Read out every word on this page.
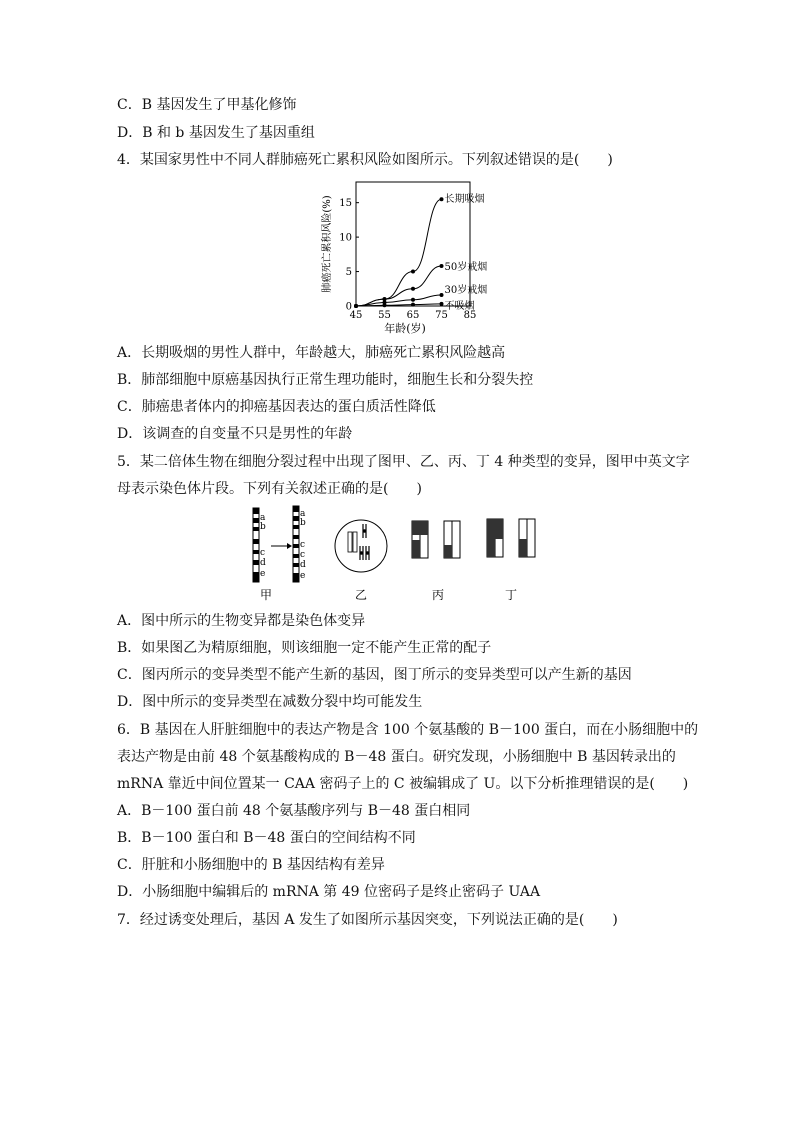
C．B 基因发生了甲基化修饰
D．B 和 b 基因发生了基因重组
4．某国家男性中不同人群肺癌死亡累积风险如图所示。下列叙述错误的是(　　)
0
5
10
15
45 55 65 75 85
年龄(岁)
肺癌死亡累积风险(%)	长期吸烟
50岁戒烟
30岁戒烟
不吸烟
A．长期吸烟的男性人群中，年龄越大，肺癌死亡累积风险越高
B．肺部细胞中原癌基因执行正常生理功能时，细胞生长和分裂失控
C．肺癌患者体内的抑癌基因表达的蛋白质活性降低
D．该调查的自变量不只是男性的年龄
5．某二倍体生物在细胞分裂过程中出现了图甲、乙、丙、丁 4 种类型的变异，图甲中英文字
母表示染色体片段。下列有关叙述正确的是(　　)
a
b
c
d
e
a
b
c
c
d
e
甲	乙	丙	丁
A．图中所示的生物变异都是染色体变异
B．如果图乙为精原细胞，则该细胞一定不能产生正常的配子
C．图丙所示的变异类型不能产生新的基因，图丁所示的变异类型可以产生新的基因
D．图中所示的变异类型在减数分裂中均可能发生
6．B 基因在人肝脏细胞中的表达产物是含 100 个氨基酸的 B－100 蛋白，而在小肠细胞中的
表达产物是由前 48 个氨基酸构成的 B－48 蛋白。研究发现，小肠细胞中 B 基因转录出的
mRNA 靠近中间位置某一 CAA 密码子上的 C 被编辑成了 U。以下分析推理错误的是(　　)
A．B－100 蛋白前 48 个氨基酸序列与 B－48 蛋白相同
B．B－100 蛋白和 B－48 蛋白的空间结构不同
C．肝脏和小肠细胞中的 B 基因结构有差异
D．小肠细胞中编辑后的 mRNA 第 49 位密码子是终止密码子 UAA
7．经过诱变处理后，基因 A 发生了如图所示基因突变，下列说法正确的是(　　)
